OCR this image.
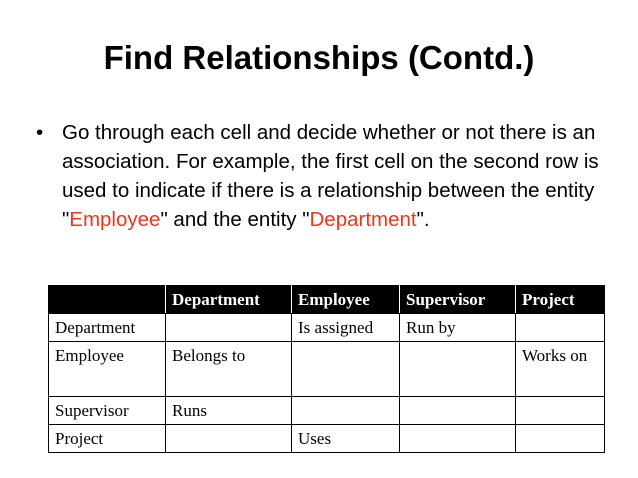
Find Relationships (Contd.)
• Go through each cell and decide whether or not there is an association. For example, the first cell on the second row is used to indicate if there is a relationship between the entity "Employee" and the entity "Department".
	Department	Employee	Supervisor	Project
Department		Is assigned	Run by	
Employee	Belongs to			Works on
Supervisor	Runs			
Project		Uses		
